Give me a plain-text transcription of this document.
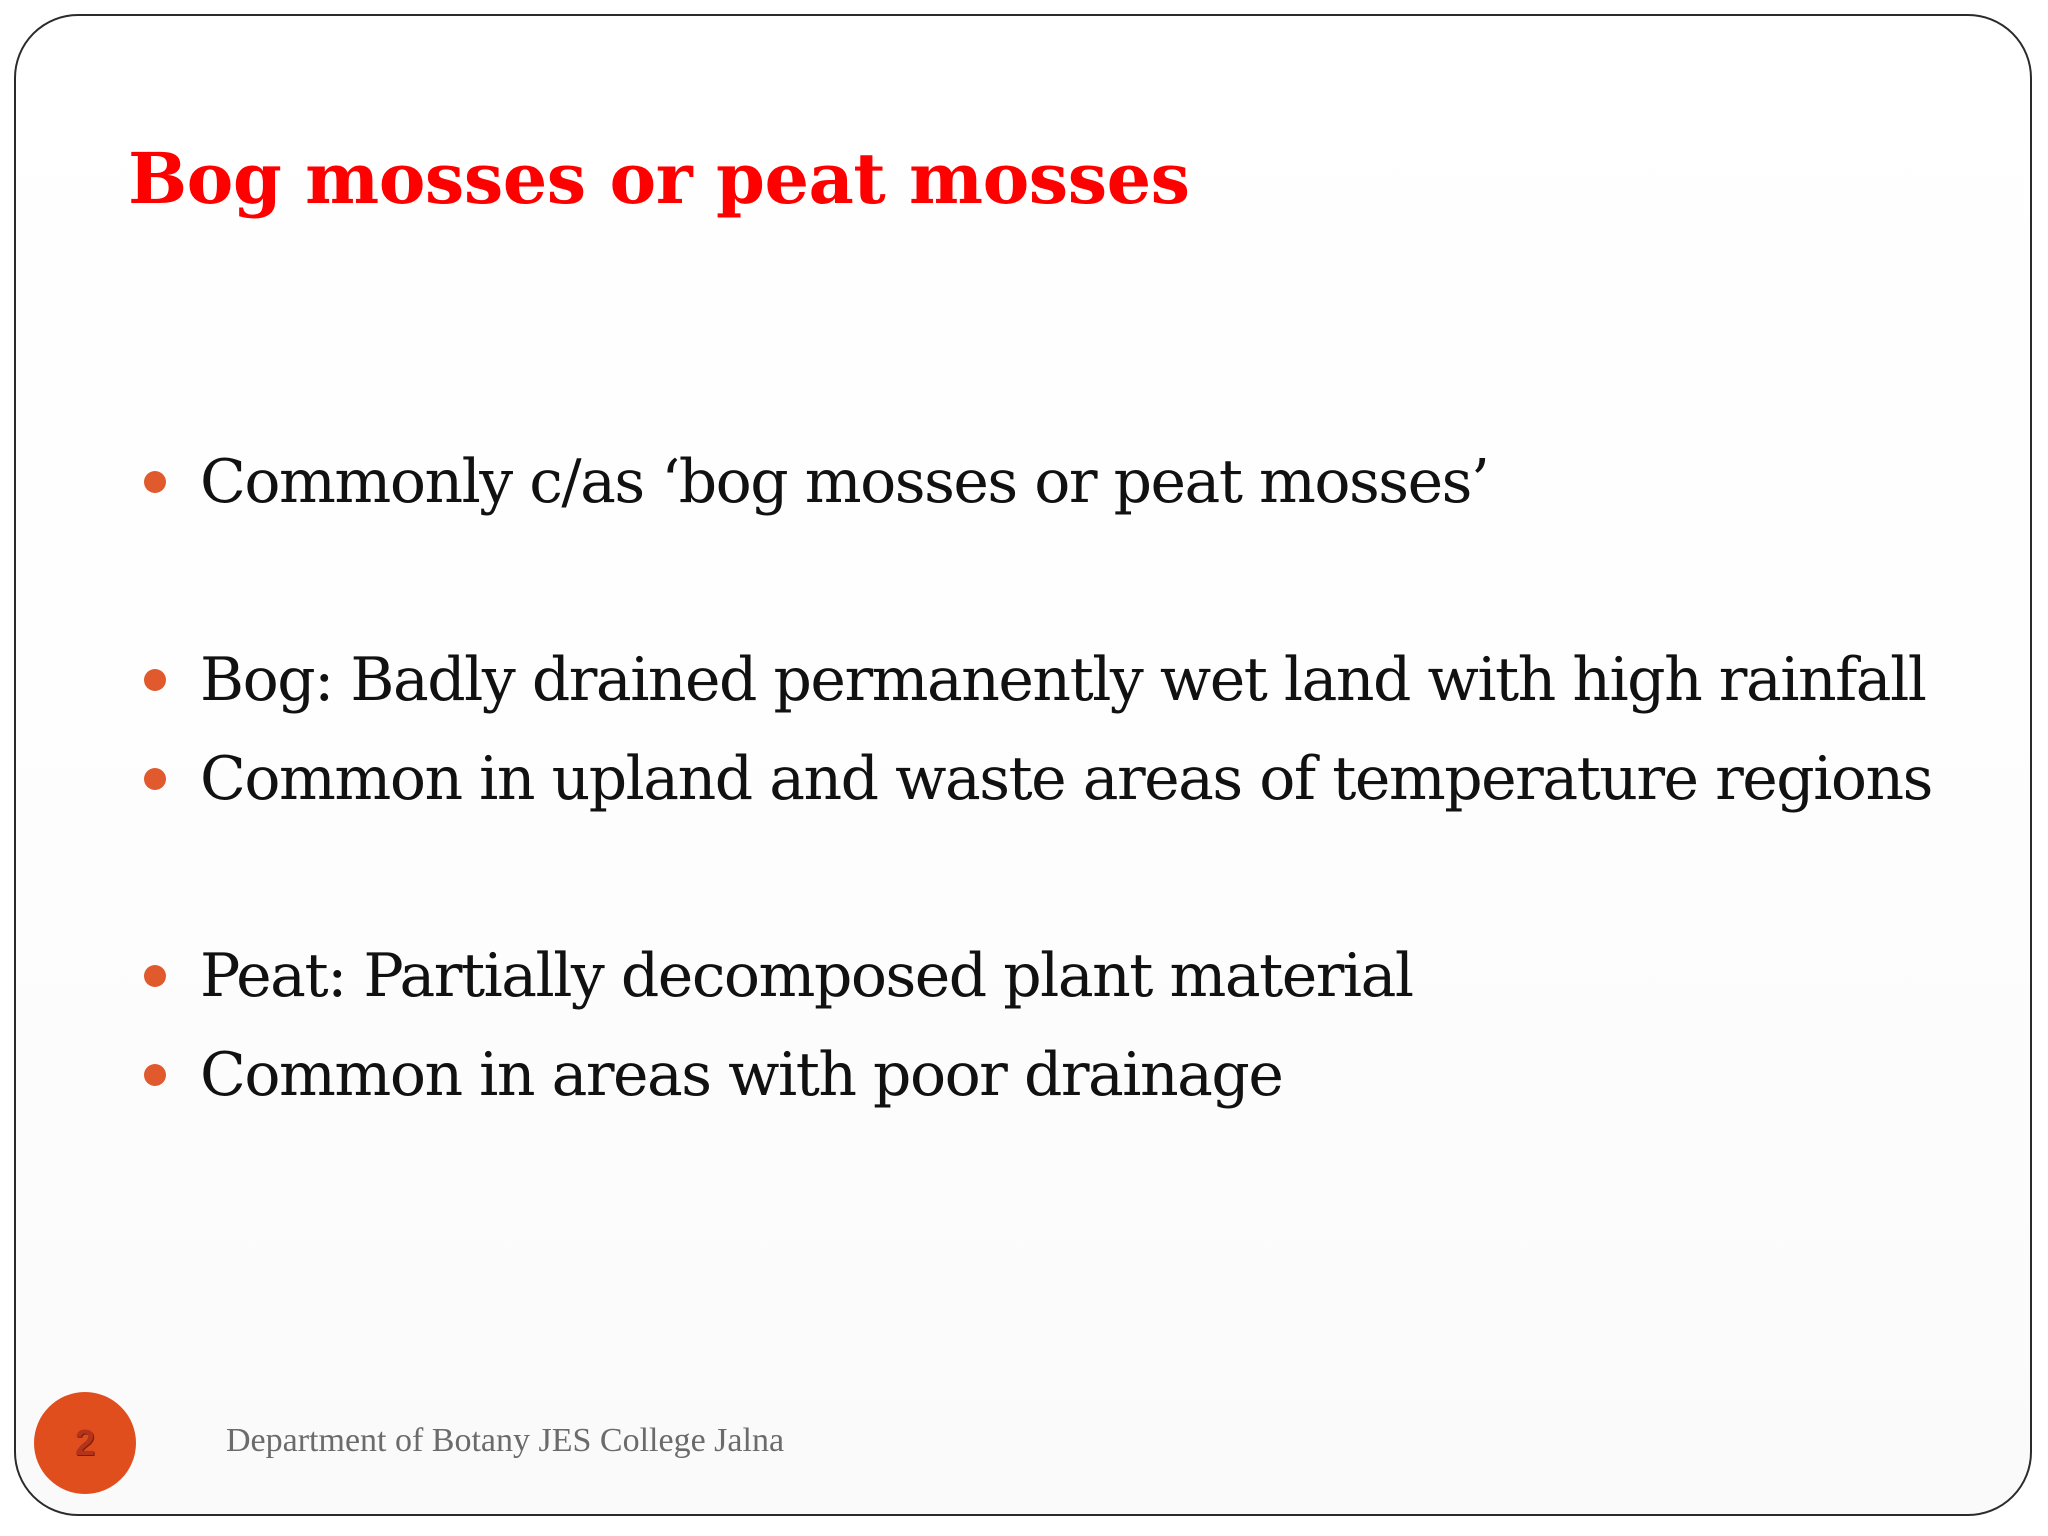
Bog mosses or peat mosses
Commonly c/as ‘bog mosses or peat mosses’
Bog: Badly drained permanently wet land with high rainfall
Common in upland and waste areas of temperature regions
Peat: Partially decomposed plant material
Common in areas with poor drainage
2	Department of Botany JES College Jalna
